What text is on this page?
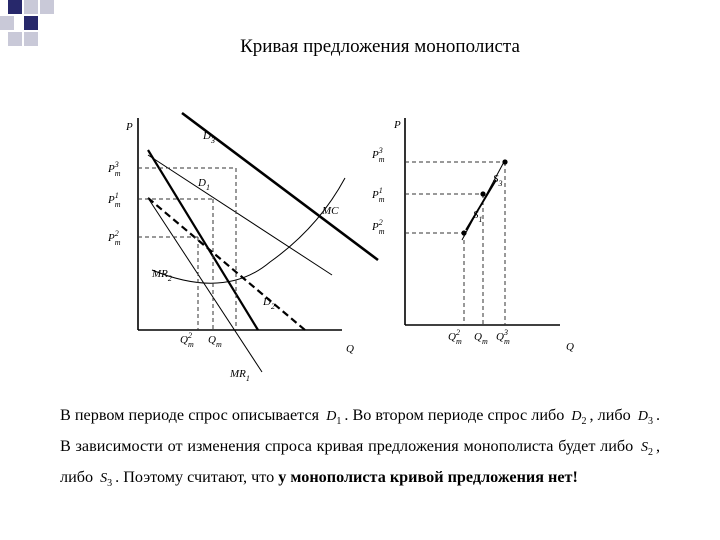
Кривая предложения монополиста
P
Q
$D_3$
$D_1$
MC
$MR_2$
$D_2$
$MR_1$
$P^3$ m
$P^1$ m
$P^2$ m
$Q^2$ m $Q_m$
P
Q
$P^3$ m
$P^1$ m
$P^2$ m
$Q^2$ m $Q_m$ $Q^3$ m
$S_3$
$S_1$
В первом периоде спрос описывается $D_1$ . Во втором периоде спрос либо $D_2$ , либо $D_3$ . В зависимости от изменения спроса кривая предложения монополиста будет либо $S_2$ , либо $S_3$ . Поэтому считают, что у монополиста кривой предложения нет!
